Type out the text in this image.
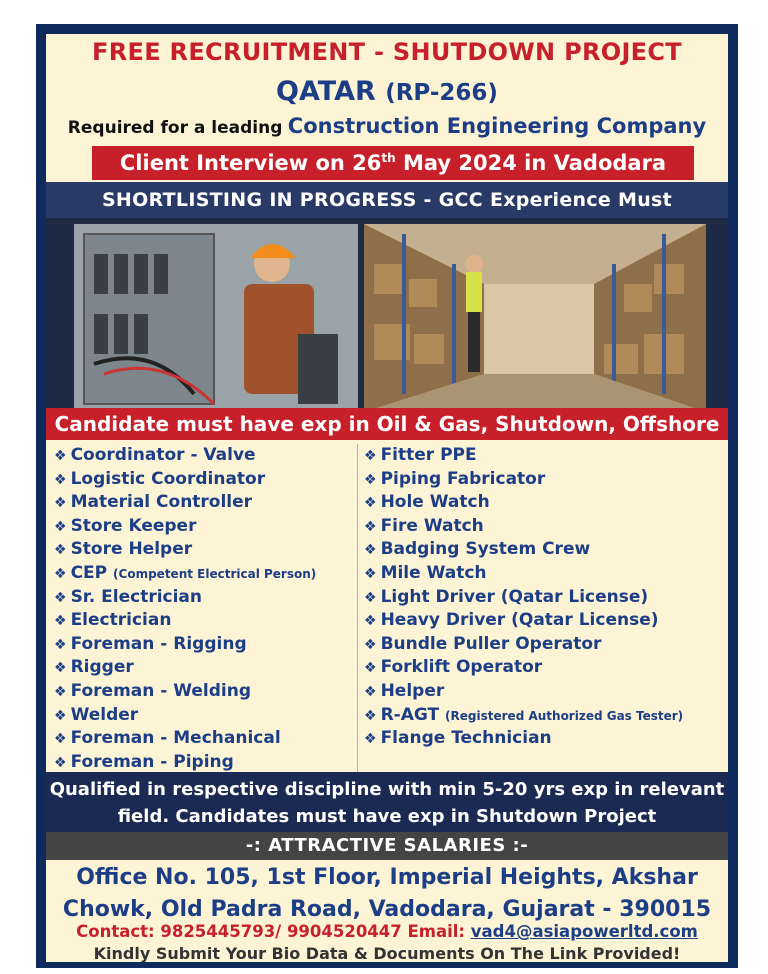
FREE RECRUITMENT - SHUTDOWN PROJECT
QATAR (RP-266)
Required for a leading Construction Engineering Company
Client Interview on 26th May 2024 in Vadodara
SHORTLISTING IN PROGRESS - GCC Experience Must
Candidate must have exp in Oil & Gas, Shutdown, Offshore
❖ Coordinator - Valve
❖ Logistic Coordinator
❖ Material Controller
❖ Store Keeper
❖ Store Helper
❖ CEP (Competent Electrical Person)
❖ Sr. Electrician
❖ Electrician
❖ Foreman - Rigging
❖ Rigger
❖ Foreman - Welding
❖ Welder
❖ Foreman - Mechanical
❖ Foreman - Piping
❖ Fitter PPE
❖ Piping Fabricator
❖ Hole Watch
❖ Fire Watch
❖ Badging System Crew
❖ Mile Watch
❖ Light Driver (Qatar License)
❖ Heavy Driver (Qatar License)
❖ Bundle Puller Operator
❖ Forklift Operator
❖ Helper
❖ R-AGT (Registered Authorized Gas Tester)
❖ Flange Technician
Qualified in respective discipline with min 5-20 yrs exp in relevant
field. Candidates must have exp in Shutdown Project
-: ATTRACTIVE SALARIES :-
Office No. 105, 1st Floor, Imperial Heights, Akshar
Chowk, Old Padra Road, Vadodara, Gujarat - 390015
Contact: 9825445793/ 9904520447 Email: vad4@asiapowerltd.com
Kindly Submit Your Bio Data & Documents On The Link Provided!
